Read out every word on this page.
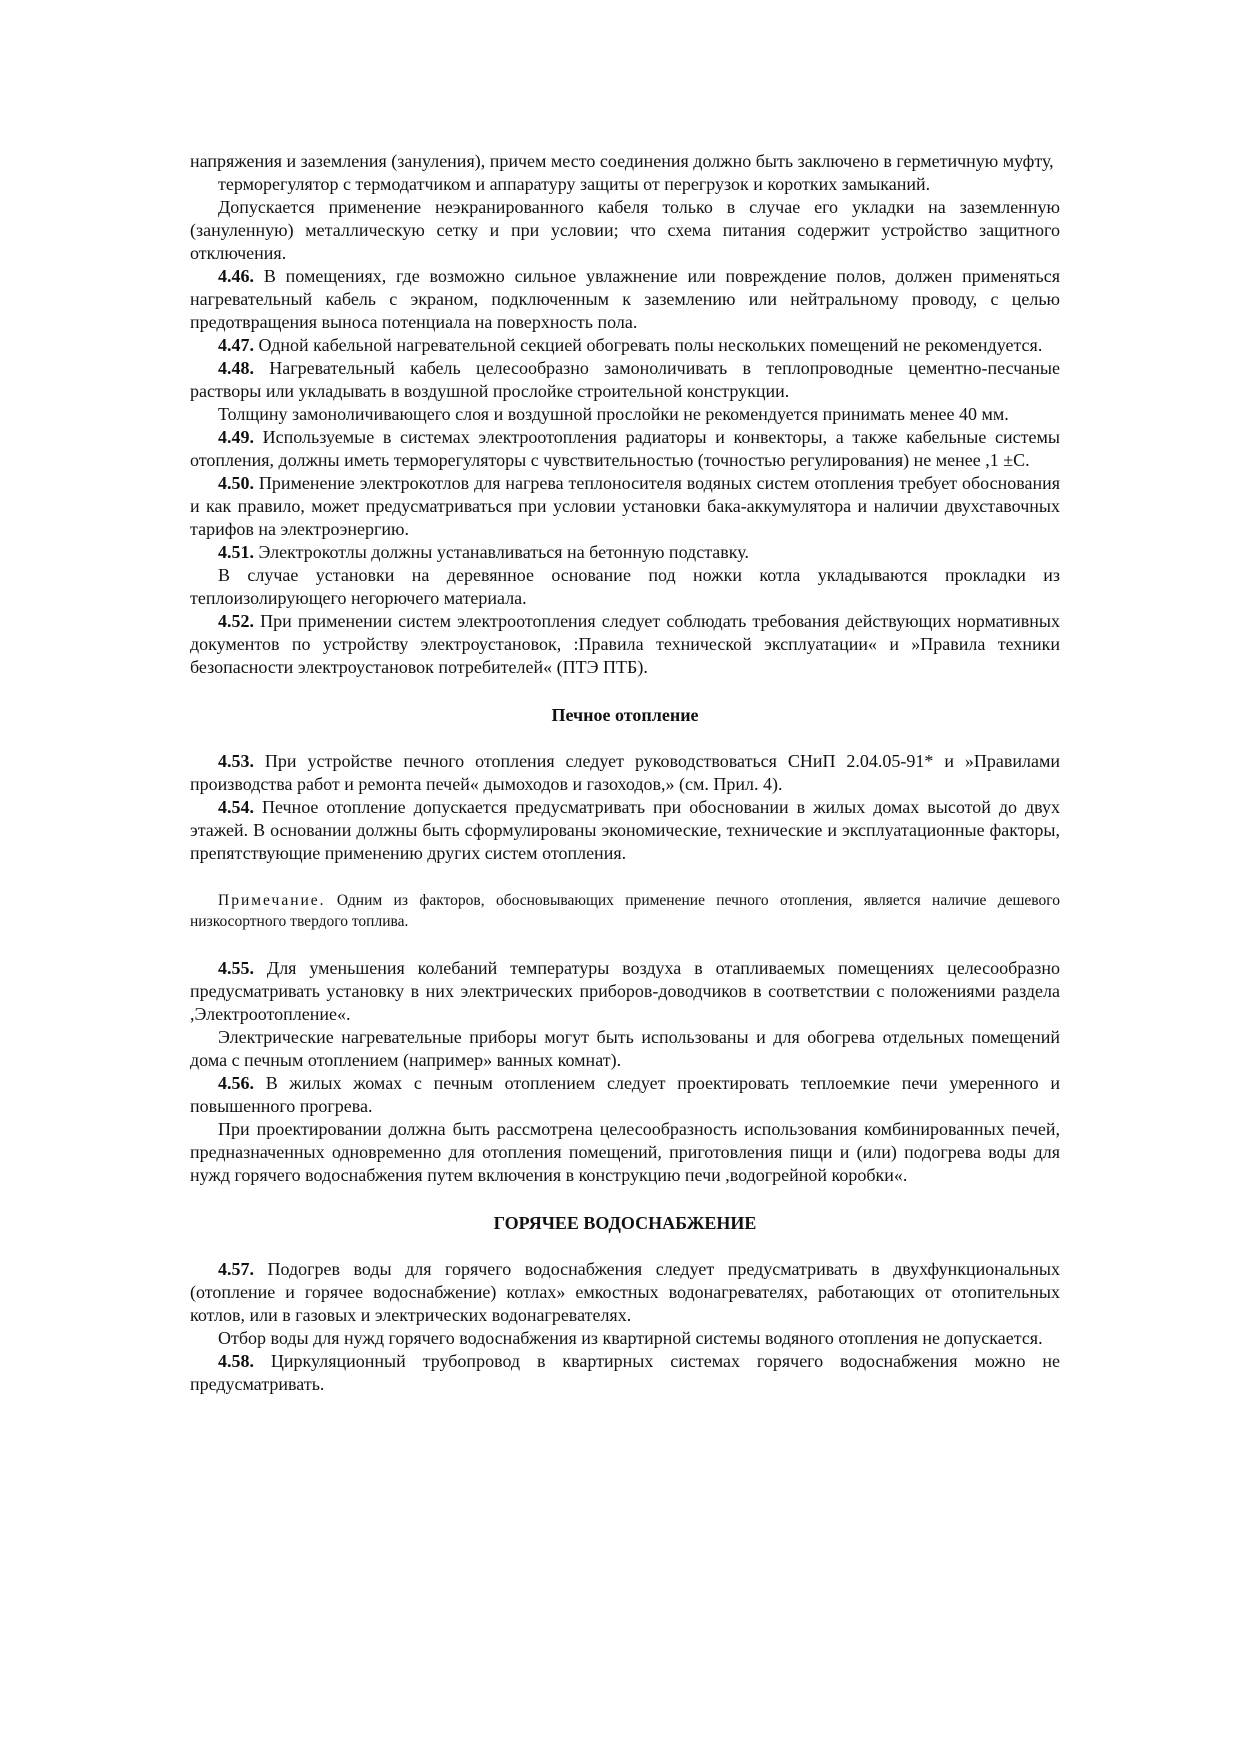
напряжения и заземления (зануления), причем место соединения должно быть заключено в герметичную муфту,

терморегулятор с термодатчиком и аппаратуру защиты от перегрузок и коротких замыканий.

Допускается применение неэкранированного кабеля только в случае его укладки на заземленную (зануленную) металлическую сетку и при условии; что схема питания содержит устройство защитного отключения.

4.46. В помещениях, где возможно сильное увлажнение или повреждение полов, должен применяться нагревательный кабель с экраном, подключенным к заземлению или нейтральному проводу, с целью предотвращения выноса потенциала на поверхность пола.

4.47. Одной кабельной нагревательной секцией обогревать полы нескольких помещений не рекомендуется.

4.48. Нагревательный кабель целесообразно замоноличивать в теплопроводные цементно-песчаные растворы или укладывать в воздушной прослойке строительной конструкции.

Толщину замоноличивающего слоя и воздушной прослойки не рекомендуется принимать менее 40 мм.

4.49. Используемые в системах электроотопления радиаторы и конвекторы, а также кабельные системы отопления, должны иметь терморегуляторы с чувствительностью (точностью регулирования) не менее ,1 ±С.

4.50. Применение электрокотлов для нагрева теплоносителя водяных систем отопления требует обоснования и как правило, может предусматриваться при условии установки бака-аккумулятора и наличии двухставочных тарифов на электроэнергию.

4.51. Электрокотлы должны устанавливаться на бетонную подставку.

В случае установки на деревянное основание под ножки котла укладываются прокладки из теплоизолирующего негорючего материала.

4.52. При применении систем электроотопления следует соблюдать требования действующих нормативных документов по устройству электроустановок, :Правила технической эксплуатации« и »Правила техники безопасности электроустановок потребителей« (ПТЭ ПТБ).

Печное отопление

4.53. При устройстве печного отопления следует руководствоваться СНиП 2.04.05-91* и »Правилами производства работ и ремонта печей« дымоходов и газоходов,» (см. Прил. 4).

4.54. Печное отопление допускается предусматривать при обосновании в жилых домах высотой до двух этажей. В основании должны быть сформулированы экономические, технические и эксплуатационные факторы, препятствующие применению других систем отопления.

Примечание. Одним из факторов, обосновывающих применение печного отопления, является наличие дешевого низкосортного твердого топлива.

4.55. Для уменьшения колебаний температуры воздуха в отапливаемых помещениях целесообразно предусматривать установку в них электрических приборов-доводчиков в соответствии с положениями раздела ,Электроотопление«.

Электрические нагревательные приборы могут быть использованы и для обогрева отдельных помещений дома с печным отоплением (например» ванных комнат).

4.56. В жилых жомах с печным отоплением следует проектировать теплоемкие печи умеренного и повышенного прогрева.

При проектировании должна быть рассмотрена целесообразность использования комбинированных печей, предназначенных одновременно для отопления помещений, приготовления пищи и (или) подогрева воды для нужд горячего водоснабжения путем включения в конструкцию печи ,водогрейной коробки«.

ГОРЯЧЕЕ ВОДОСНАБЖЕНИЕ

4.57. Подогрев воды для горячего водоснабжения следует предусматривать в двухфункциональных (отопление и горячее водоснабжение) котлах» емкостных водонагревателях, работающих от отопительных котлов, или в газовых и электрических водонагревателях.

Отбор воды для нужд горячего водоснабжения из квартирной системы водяного отопления не допускается.

4.58. Циркуляционный трубопровод в квартирных системах горячего водоснабжения можно не предусматривать.
